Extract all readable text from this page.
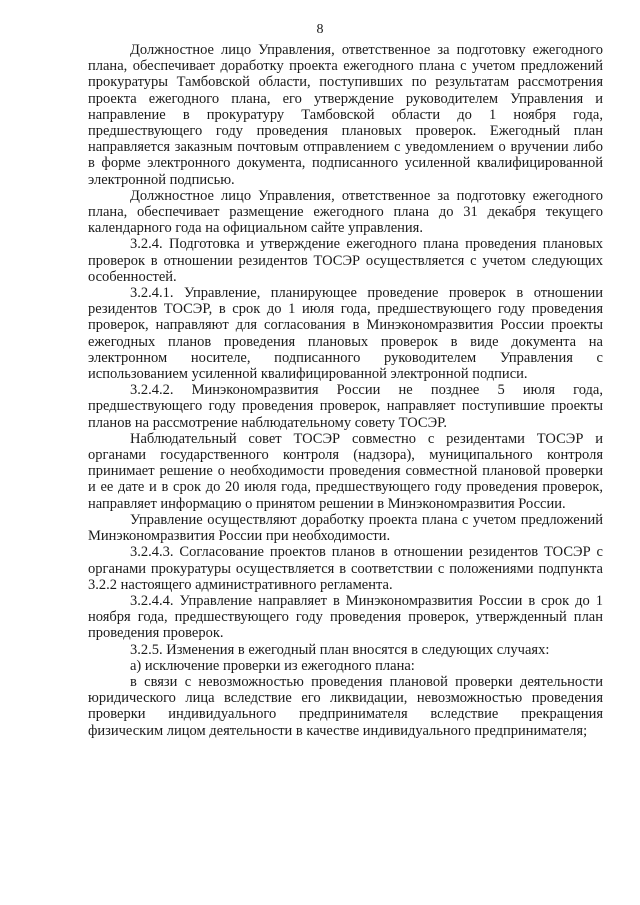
8

Должностное лицо Управления, ответственное за подготовку ежегодного плана, обеспечивает доработку проекта ежегодного плана с учетом предложений прокуратуры Тамбовской области, поступивших по результатам рассмотрения проекта ежегодного плана, его утверждение руководителем Управления и направление в прокуратуру Тамбовской области до 1 ноября года, предшествующего году проведения плановых проверок. Ежегодный план направляется заказным почтовым отправлением с уведомлением о вручении либо в форме электронного документа, подписанного усиленной квалифицированной электронной подписью.

Должностное лицо Управления, ответственное за подготовку ежегодного плана, обеспечивает размещение ежегодного плана до 31 декабря текущего календарного года на официальном сайте управления.

3.2.4. Подготовка и утверждение ежегодного плана проведения плановых проверок в отношении резидентов ТОСЭР осуществляется с учетом следующих особенностей.

3.2.4.1. Управление, планирующее проведение проверок в отношении резидентов ТОСЭР, в срок до 1 июля года, предшествующего году проведения проверок, направляют для согласования в Минэкономразвития России проекты ежегодных планов проведения плановых проверок в виде документа на электронном носителе, подписанного руководителем Управления с использованием усиленной квалифицированной электронной подписи.

3.2.4.2. Минэкономразвития России не позднее 5 июля года, предшествующего году проведения проверок, направляет поступившие проекты планов на рассмотрение наблюдательному совету ТОСЭР.

Наблюдательный совет ТОСЭР совместно с резидентами ТОСЭР и органами государственного контроля (надзора), муниципального контроля принимает решение о необходимости проведения совместной плановой проверки и ее дате и в срок до 20 июля года, предшествующего году проведения проверок, направляет информацию о принятом решении в Минэкономразвития России.

Управление осуществляют доработку проекта плана с учетом предложений Минэкономразвития России при необходимости.

3.2.4.3. Согласование проектов планов в отношении резидентов ТОСЭР с органами прокуратуры осуществляется в соответствии с положениями подпункта 3.2.2 настоящего административного регламента.

3.2.4.4. Управление направляет в Минэкономразвития России в срок до 1 ноября года, предшествующего году проведения проверок, утвержденный план проведения проверок.

3.2.5. Изменения в ежегодный план вносятся в следующих случаях:

а) исключение проверки из ежегодного плана:

в связи с невозможностью проведения плановой проверки деятельности юридического лица вследствие его ликвидации, невозможностью проведения проверки индивидуального предпринимателя вследствие прекращения физическим лицом деятельности в качестве индивидуального предпринимателя;
